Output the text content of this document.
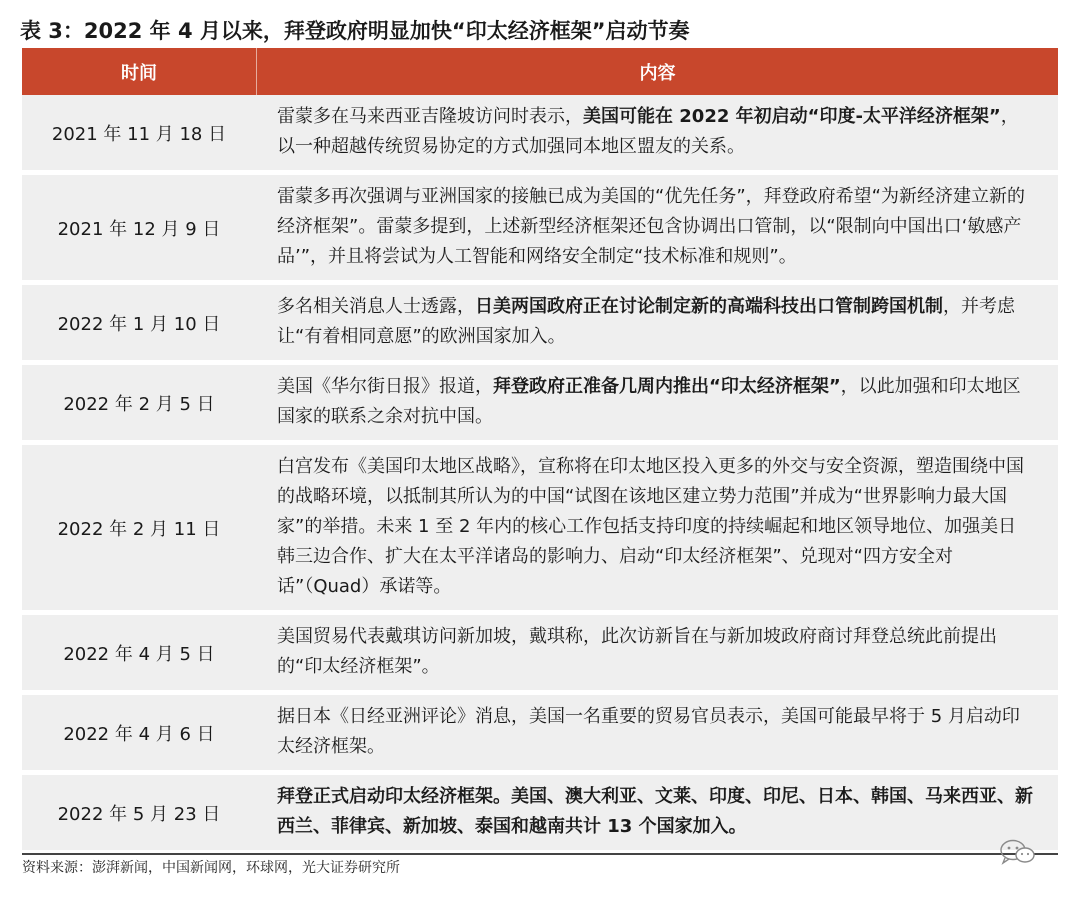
表 3：2022 年 4 月以来，拜登政府明显加快“印太经济框架”启动节奏
时间	内容
2021 年 11 月 18 日
雷蒙多在马来西亚吉隆坡访问时表示，美国可能在 2022 年初启动“印度-太平洋经济框架”，以一种超越传统贸易协定的方式加强同本地区盟友的关系。
2021 年 12 月 9 日
雷蒙多再次强调与亚洲国家的接触已成为美国的“优先任务”，拜登政府希望“为新经济建立新的经济框架”。雷蒙多提到，上述新型经济框架还包含协调出口管制，以“限制向中国出口‘敏感产品’”，并且将尝试为人工智能和网络安全制定“技术标准和规则”。
2022 年 1 月 10 日
多名相关消息人士透露，日美两国政府正在讨论制定新的高端科技出口管制跨国机制，并考虑让“有着相同意愿”的欧洲国家加入。
2022 年 2 月 5 日
美国《华尔街日报》报道，拜登政府正准备几周内推出“印太经济框架”，以此加强和印太地区国家的联系之余对抗中国。
2022 年 2 月 11 日
白宫发布《美国印太地区战略》，宣称将在印太地区投入更多的外交与安全资源，塑造围绕中国的战略环境，以抵制其所认为的中国“试图在该地区建立势力范围”并成为“世界影响力最大国家”的举措。未来 1 至 2 年内的核心工作包括支持印度的持续崛起和地区领导地位、加强美日韩三边合作、扩大在太平洋诸岛的影响力、启动“印太经济框架”、兑现对“四方安全对话”（Quad）承诺等。
2022 年 4 月 5 日
美国贸易代表戴琪访问新加坡，戴琪称，此次访新旨在与新加坡政府商讨拜登总统此前提出的“印太经济框架”。
2022 年 4 月 6 日
据日本《日经亚洲评论》消息，美国一名重要的贸易官员表示，美国可能最早将于 5 月启动印太经济框架。
2022 年 5 月 23 日
拜登正式启动印太经济框架。美国、澳大利亚、文莱、印度、印尼、日本、韩国、马来西亚、新西兰、菲律宾、新加坡、泰国和越南共计 13 个国家加入。
资料来源：澎湃新闻，中国新闻网，环球网，光大证券研究所
